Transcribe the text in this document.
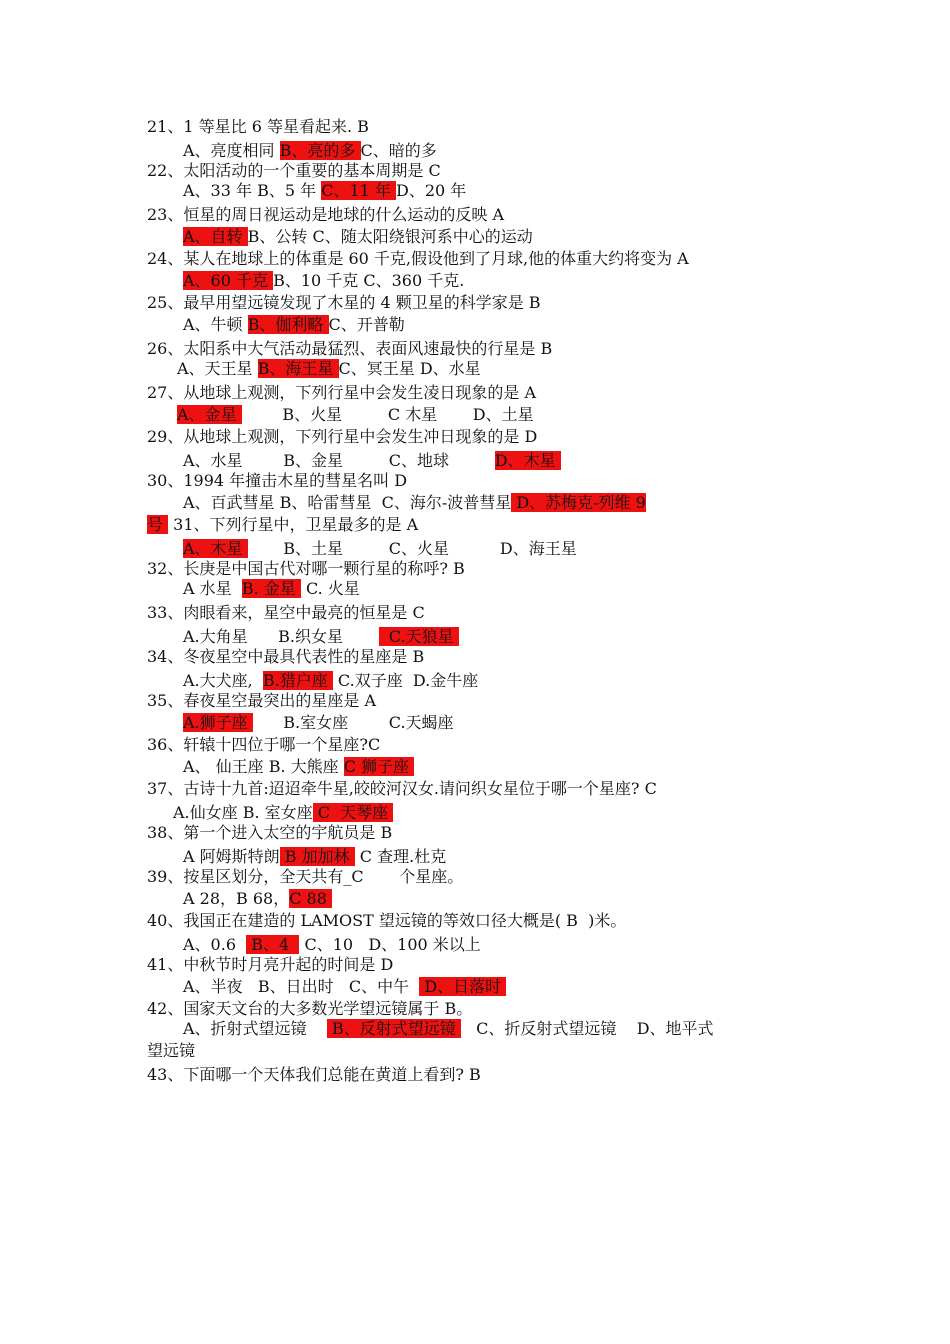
21、1 等星比 6 等星看起来. B
A、亮度相同 B、亮的多 C、暗的多
22、太阳活动的一个重要的基本周期是 C
A、33 年 B、5 年 C、11 年 D、20 年
23、恒星的周日视运动是地球的什么运动的反映 A
A、自转 B、公转 C、随太阳绕银河系中心的运动
24、某人在地球上的体重是 60 千克,假设他到了月球,他的体重大约将变为 A
A、60 千克 B、10 千克 C、360 千克.
25、最早用望远镜发现了木星的 4 颗卫星的科学家是 B
A、牛顿 B、伽利略 C、开普勒
26、太阳系中大气活动最猛烈、表面风速最快的行星是 B
A、天王星 B、海王星 C、冥王星 D、水星
27、从地球上观测，下列行星中会发生凌日现象的是 A
A、金星         B、火星         C 木星       D、土星
29、从地球上观测，下列行星中会发生冲日现象的是 D
A、水星        B、金星         C、地球         D、木星
30、1994 年撞击木星的彗星名叫 D
A、百武彗星 B、哈雷彗星  C、海尔-波普彗星 D、苏梅克-列维 9
号  31、下列行星中，卫星最多的是 A
A、木星        B、土星         C、火星          D、海王星
32、长庚是中国古代对哪一颗行星的称呼? B
A 水星  B. 金星  C. 火星
33、肉眼看来，星空中最亮的恒星是 C
A.大角星      B.织女星         C.天狼星
34、冬夜星空中最具代表性的星座是 B
A.大犬座,  B.猎户座  C.双子座  D.金牛座
35、春夜星空最突出的星座是 A
A.狮子座       B.室女座        C.天蝎座
36、轩辕十四位于哪一个星座?C
A、 仙王座 B. 大熊座 C 狮子座
37、古诗十九首:迢迢牵牛星,皎皎河汉女.请问织女星位于哪一个星座? C
A.仙女座 B. 室女座 C  天琴座
38、第一个进入太空的宇航员是 B
A 阿姆斯特朗 B 加加林  C 查理.杜克
39、按星区划分，全天共有_C       个星座。
A 28，B 68，C 88
40、我国正在建造的 LAMOST 望远镜的等效口径大概是( B  )米。
A、0.6   B、4   C、10   D、100 米以上
41、中秋节时月亮升起的时间是 D
A、半夜   B、日出时   C、中午   D、日落时
42、国家天文台的大多数光学望远镜属于 B。
A、折射式望远镜     B、反射式望远镜    C、折反射式望远镜    D、地平式
望远镜
43、下面哪一个天体我们总能在黄道上看到? B
